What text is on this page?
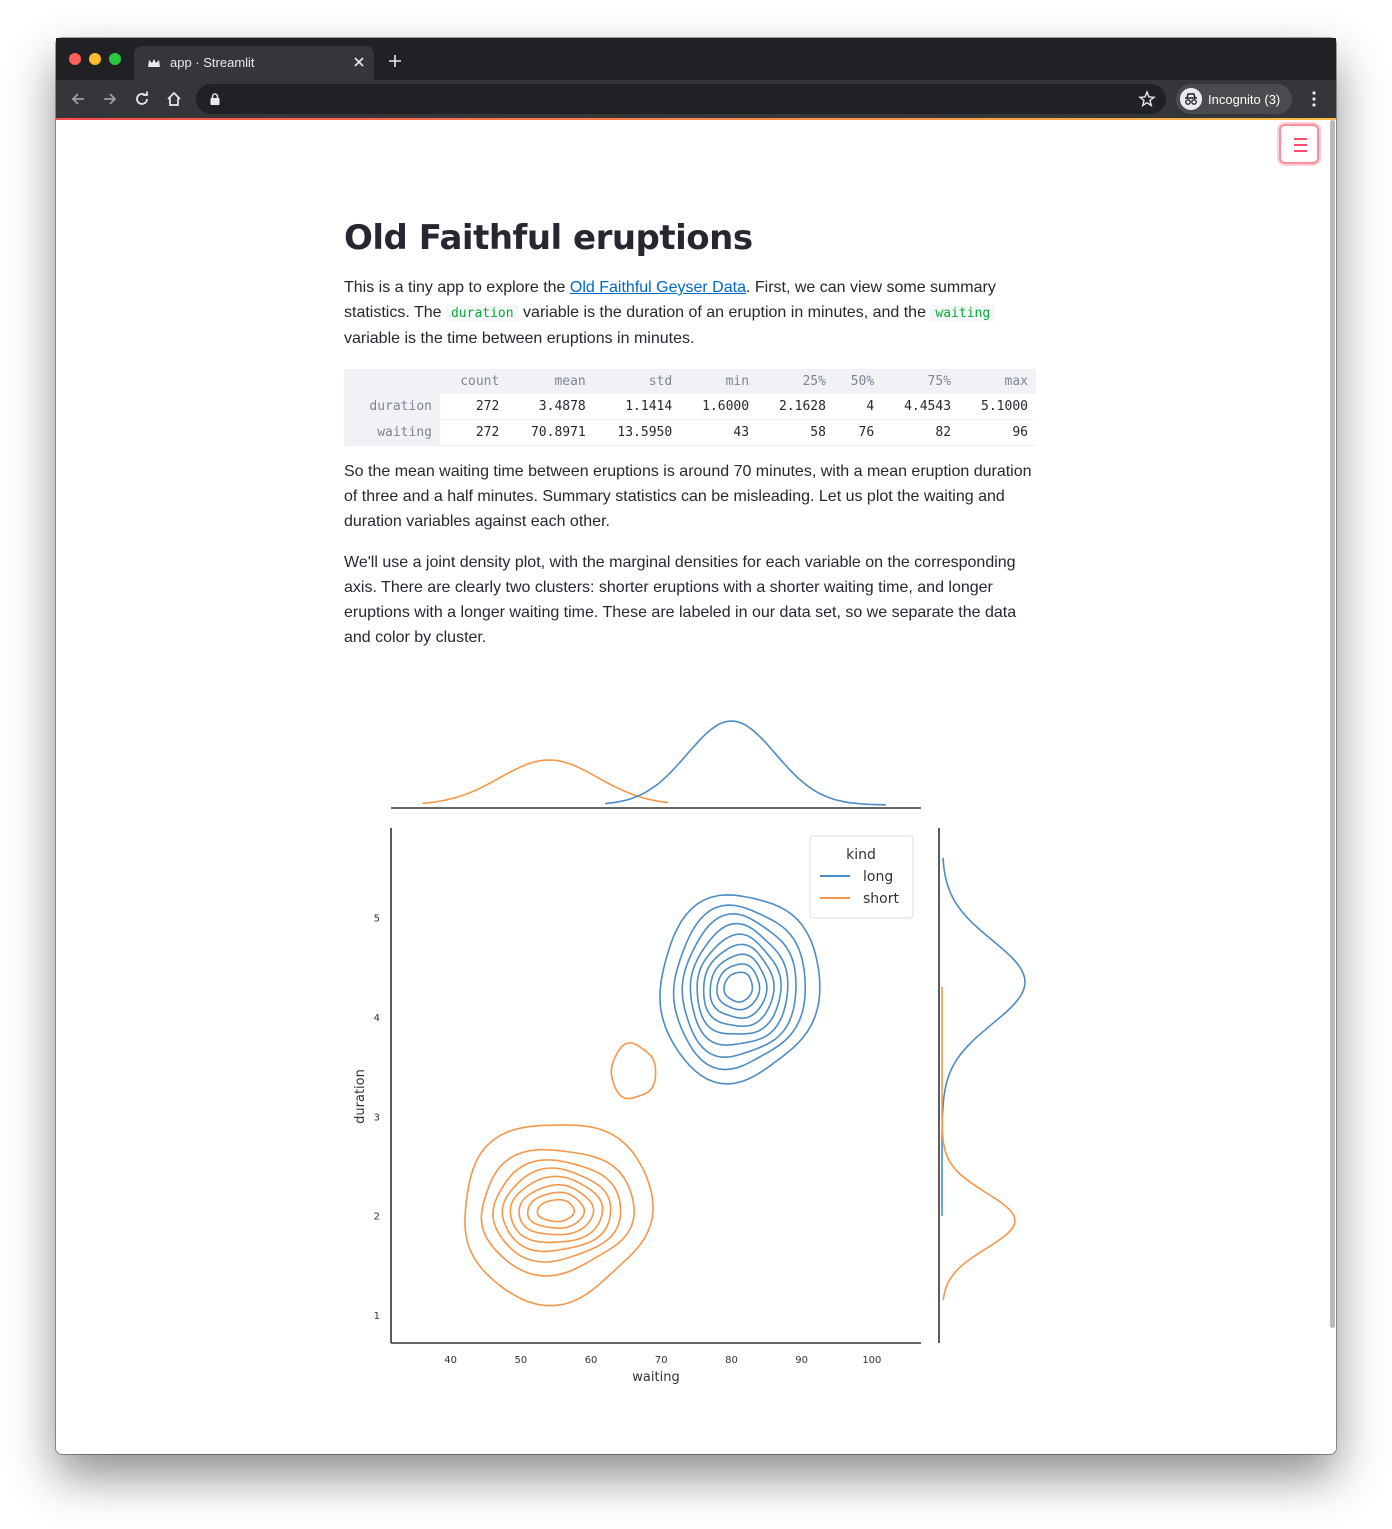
app · Streamlit
Incognito (3)
Old Faithful eruptions

This is a tiny app to explore the Old Faithful Geyser Data. First, we can view some summary statistics. The duration variable is the duration of an eruption in minutes, and the waiting variable is the time between eruptions in minutes.

	count	mean	std	min	25%	50%	75%	max
duration	272	3.4878	1.1414	1.6000	2.1628	4	4.4543	5.1000
waiting	272	70.8971	13.5950	43	58	76	82	96

So the mean waiting time between eruptions is around 70 minutes, with a mean eruption duration of three and a half minutes. Summary statistics can be misleading. Let us plot the waiting and duration variables against each other.

We'll use a joint density plot, with the marginal densities for each variable on the corresponding axis. There are clearly two clusters: shorter eruptions with a shorter waiting time, and longer eruptions with a longer waiting time. These are labeled in our data set, so we separate the data and color by cluster.

40	50	60	70	80	90	100
1
2
3
4
5
waiting
duration
kind
long
short
